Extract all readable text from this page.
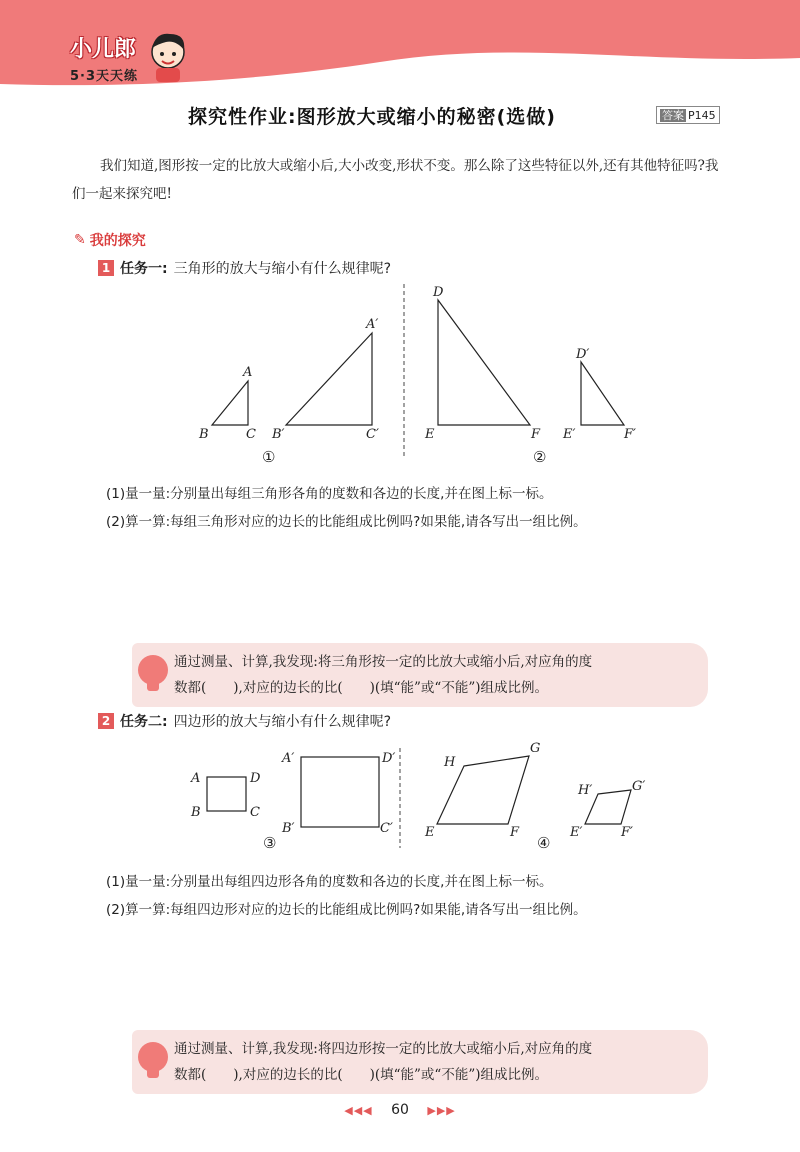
小儿郎
5·3天天练
探究性作业:图形放大或缩小的秘密(选做)	答案 P145
我们知道,图形按一定的比放大或缩小后,大小改变,形状不变。那么除了这些特征以外,还有其他特征吗?我们一起来探究吧!
✎ 我的探究
1 任务一: 三角形的放大与缩小有什么规律呢?
A
B	C
A′
B′	C′
D
E	F
D′
E′	F′
①	②
(1)量一量:分别量出每组三角形各角的度数和各边的长度,并在图上标一标。
(2)算一算:每组三角形对应的边长的比能组成比例吗?如果能,请各写出一组比例。
通过测量、计算,我发现:将三角形按一定的比放大或缩小后,对应角的度
数都(　　),对应的边长的比(　　)(填“能”或“不能”)组成比例。
2 任务二: 四边形的放大与缩小有什么规律呢?
A	D
B	C
A′	D′
B′	C′
H
G
E	F
H′	G′
E′	F′
③	④
(1)量一量:分别量出每组四边形各角的度数和各边的长度,并在图上标一标。
(2)算一算:每组四边形对应的边长的比能组成比例吗?如果能,请各写出一组比例。
通过测量、计算,我发现:将四边形按一定的比放大或缩小后,对应角的度
数都(　　),对应的边长的比(　　)(填“能”或“不能”)组成比例。
◀◀◀ 60 ▶▶▶
